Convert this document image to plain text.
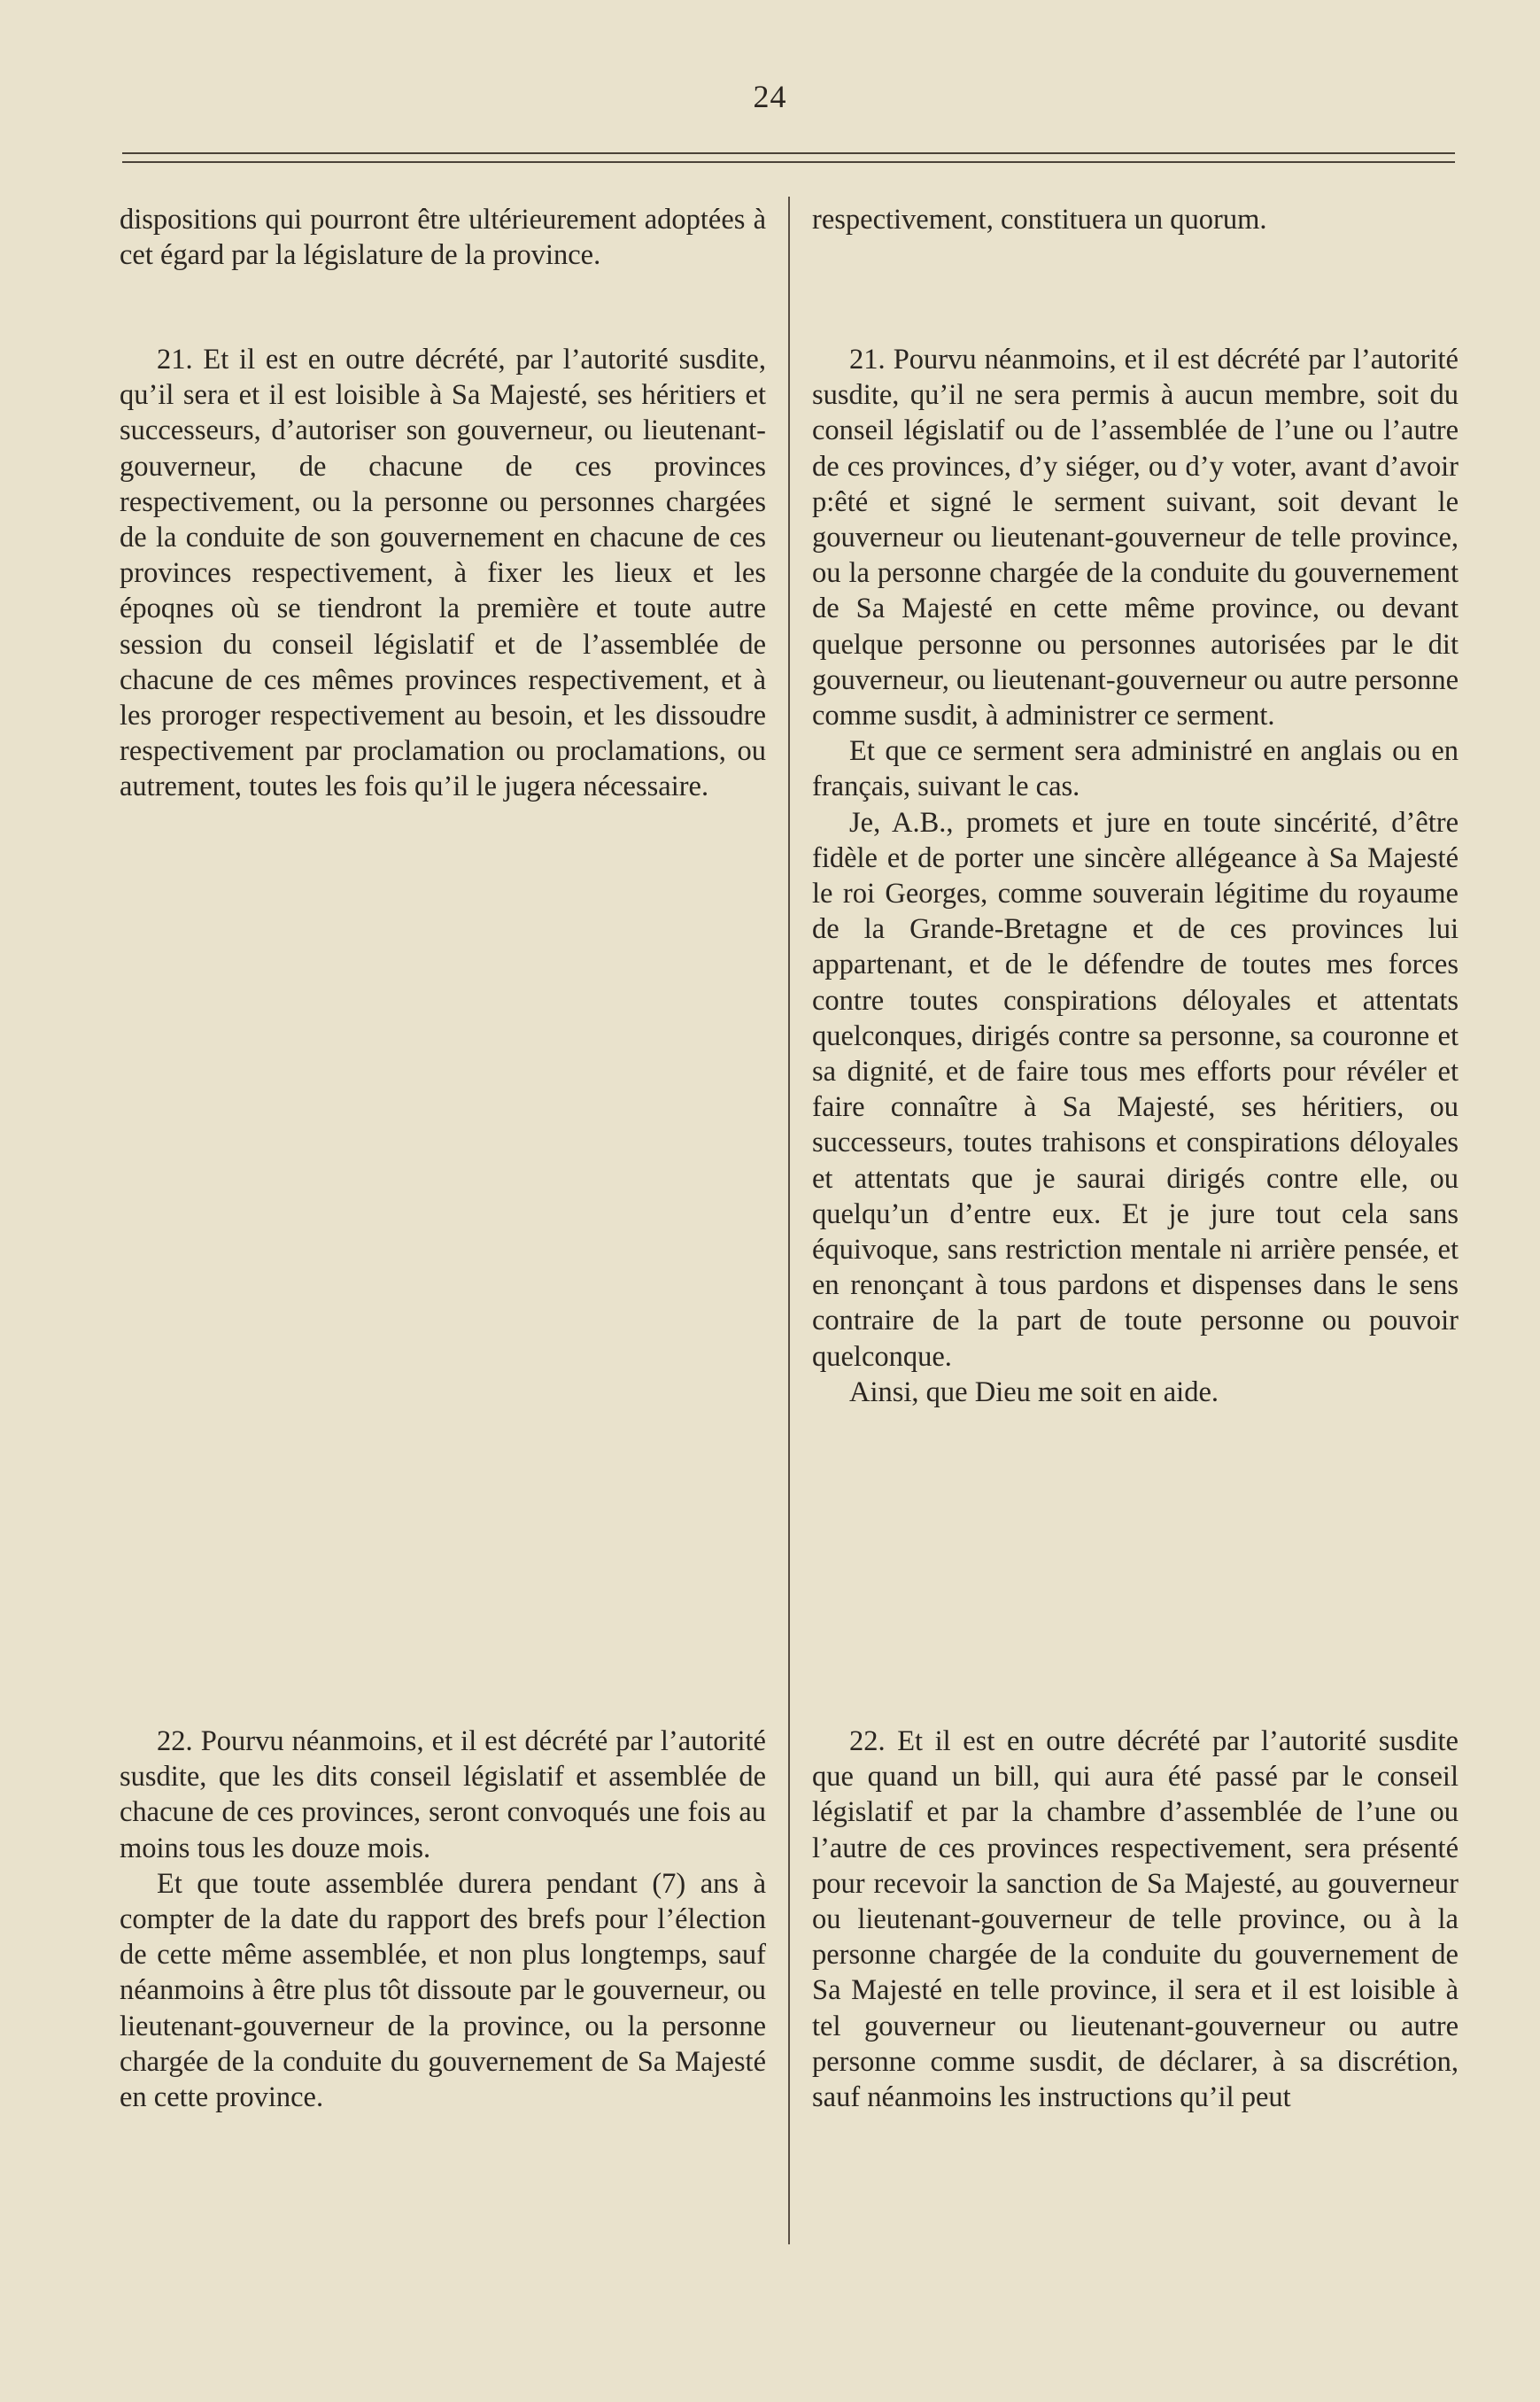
24

dispositions qui pourront être ultérieurement adoptées à cet égard par la législature de la province.

21. Et il est en outre décrété, par l’autorité susdite, qu’il sera et il est loisible à Sa Majesté, ses héritiers et successeurs, d’autoriser son gouverneur, ou lieutenant-gouverneur, de chacune de ces provinces respectivement, ou la personne ou personnes chargées de la conduite de son gouvernement en chacune de ces provinces respectivement, à fixer les lieux et les époqnes où se tiendront la première et toute autre session du conseil législatif et de l’assemblée de chacune de ces mêmes provinces respectivement, et à les proroger respectivement au besoin, et les dissoudre respectivement par proclamation ou proclamations, ou autrement, toutes les fois qu’il le jugera nécessaire.

22. Pourvu néanmoins, et il est décrété par l’autorité susdite, que les dits conseil législatif et assemblée de chacune de ces provinces, seront convoqués une fois au moins tous les douze mois.

Et que toute assemblée durera pendant (7) ans à compter de la date du rapport des brefs pour l’élection de cette même assemblée, et non plus longtemps, sauf néanmoins à être plus tôt dissoute par le gouverneur, ou lieutenant-gouverneur de la province, ou la personne chargée de la conduite du gouvernement de Sa Majesté en cette province.

respectivement, constituera un quorum.

21. Pourvu néanmoins, et il est décrété par l’autorité susdite, qu’il ne sera permis à aucun membre, soit du conseil législatif ou de l’assemblée de l’une ou l’autre de ces provinces, d’y siéger, ou d’y voter, avant d’avoir p:êté et signé le serment suivant, soit devant le gouverneur ou lieutenant-gouverneur de telle province, ou la personne chargée de la conduite du gouvernement de Sa Majesté en cette même province, ou devant quelque personne ou personnes autorisées par le dit gouverneur, ou lieutenant-gouverneur ou autre personne comme susdit, à administrer ce serment.

Et que ce serment sera administré en anglais ou en français, suivant le cas.

Je, A.B., promets et jure en toute sincérité, d’être fidèle et de porter une sincère allégeance à Sa Majesté le roi Georges, comme souverain légitime du royaume de la Grande-Bretagne et de ces provinces lui appartenant, et de le défendre de toutes mes forces contre toutes conspirations déloyales et attentats quelconques, dirigés contre sa personne, sa couronne et sa dignité, et de faire tous mes efforts pour révéler et faire connaître à Sa Majesté, ses héritiers, ou successeurs, toutes trahisons et conspirations déloyales et attentats que je saurai dirigés contre elle, ou quelqu’un d’entre eux. Et je jure tout cela sans équivoque, sans restriction mentale ni arrière pensée, et en renonçant à tous pardons et dispenses dans le sens contraire de la part de toute personne ou pouvoir quelconque.

Ainsi, que Dieu me soit en aide.

22. Et il est en outre décrété par l’autorité susdite que quand un bill, qui aura été passé par le conseil législatif et par la chambre d’assemblée de l’une ou l’autre de ces provinces respectivement, sera présenté pour recevoir la sanction de Sa Majesté, au gouverneur ou lieutenant-gouverneur de telle province, ou à la personne chargée de la conduite du gouvernement de Sa Majesté en telle province, il sera et il est loisible à tel gouverneur ou lieutenant-gouverneur ou autre personne comme susdit, de déclarer, à sa discrétion, sauf néanmoins les instructions qu’il peut
